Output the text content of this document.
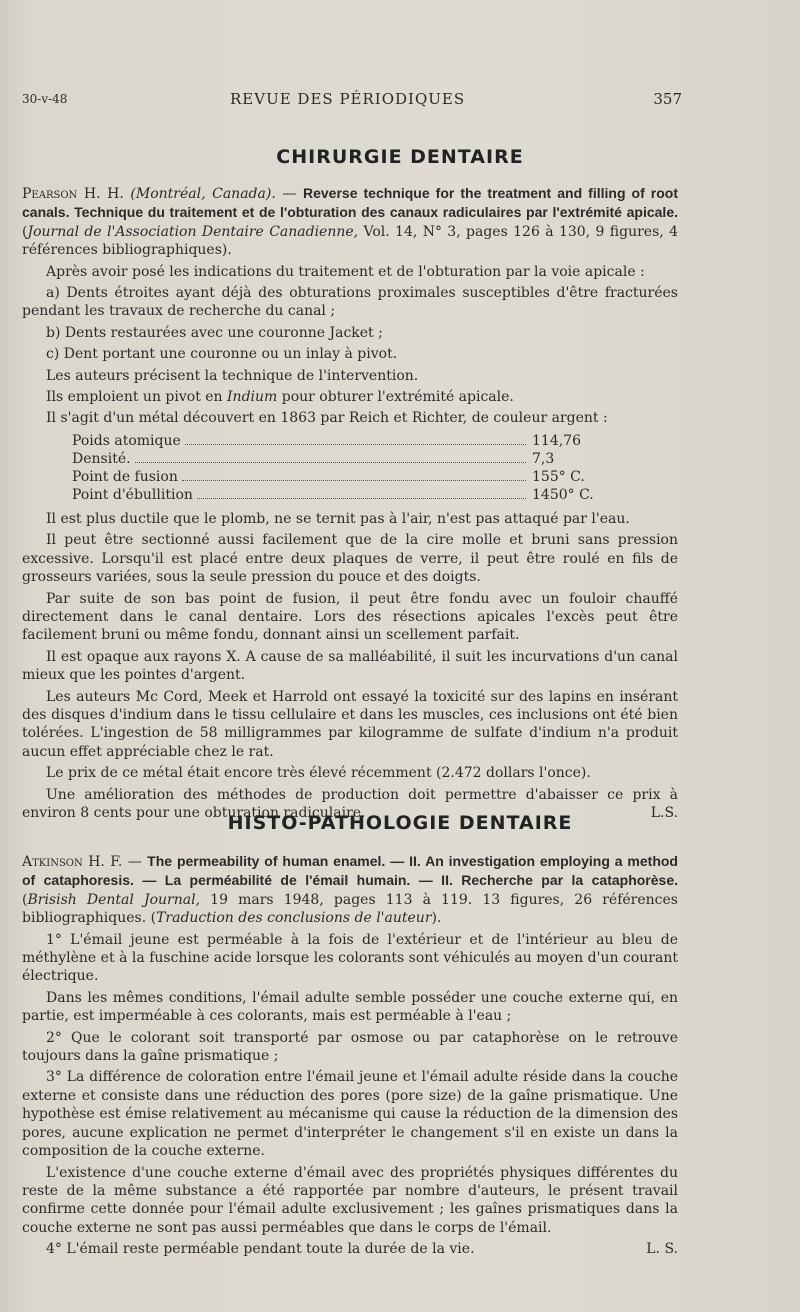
30-v-48	REVUE DES PÉRIODIQUES	357
CHIRURGIE DENTAIRE

Pearson H. H. (Montréal, Canada). — Reverse technique for the treatment and filling of root canals. Technique du traitement et de l'obturation des canaux radiculaires par l'extrémité apicale. (Journal de l'Association Dentaire Canadienne, Vol. 14, N° 3, pages 126 à 130, 9 figures, 4 références bibliographiques).

Après avoir posé les indications du traitement et de l'obturation par la voie apicale :

a) Dents étroites ayant déjà des obturations proximales susceptibles d'être fracturées pendant les travaux de recherche du canal ;

b) Dents restaurées avec une couronne Jacket ;

c) Dent portant une couronne ou un inlay à pivot.

Les auteurs précisent la technique de l'intervention.

Ils emploient un pivot en Indium pour obturer l'extrémité apicale.

Il s'agit d'un métal découvert en 1863 par Reich et Richter, de couleur argent :

Poids atomique	114,76
Densité.	7,3
Point de fusion	155° C.
Point d'ébullition	1450° C.

Il est plus ductile que le plomb, ne se ternit pas à l'air, n'est pas attaqué par l'eau.

Il peut être sectionné aussi facilement que de la cire molle et bruni sans pression excessive. Lorsqu'il est placé entre deux plaques de verre, il peut être roulé en fils de grosseurs variées, sous la seule pression du pouce et des doigts.

Par suite de son bas point de fusion, il peut être fondu avec un fouloir chauffé directement dans le canal dentaire. Lors des résections apicales l'excès peut être facilement bruni ou même fondu, donnant ainsi un scellement parfait.

Il est opaque aux rayons X. A cause de sa malléabilité, il suit les incurvations d'un canal mieux que les pointes d'argent.

Les auteurs Mc Cord, Meek et Harrold ont essayé la toxicité sur des lapins en insérant des disques d'indium dans le tissu cellulaire et dans les muscles, ces inclusions ont été bien tolérées. L'ingestion de 58 milligrammes par kilogramme de sulfate d'indium n'a produit aucun effet appréciable chez le rat.

Le prix de ce métal était encore très élevé récemment (2.472 dollars l'once).

Une amélioration des méthodes de production doit permettre d'abaisser ce prix à environ 8 cents pour une obturation radiculaire.	L.S.

HISTO-PATHOLOGIE DENTAIRE

Atkinson H. F. — The permeability of human enamel. — II. An investigation employing a method of cataphoresis. — La perméabilité de l'émail humain. — II. Recherche par la cataphorèse. (Brisish Dental Journal, 19 mars 1948, pages 113 à 119. 13 figures, 26 références bibliographiques. (Traduction des conclusions de l'auteur).

1° L'émail jeune est perméable à la fois de l'extérieur et de l'intérieur au bleu de méthylène et à la fuschine acide lorsque les colorants sont véhiculés au moyen d'un courant électrique.

Dans les mêmes conditions, l'émail adulte semble posséder une couche externe qui, en partie, est imperméable à ces colorants, mais est perméable à l'eau ;

2° Que le colorant soit transporté par osmose ou par cataphorèse on le retrouve toujours dans la gaîne prismatique ;

3° La différence de coloration entre l'émail jeune et l'émail adulte réside dans la couche externe et consiste dans une réduction des pores (pore size) de la gaîne prismatique. Une hypothèse est émise relativement au mécanisme qui cause la réduction de la dimension des pores, aucune explication ne permet d'interpréter le changement s'il en existe un dans la composition de la couche externe.

L'existence d'une couche externe d'émail avec des propriétés physiques différentes du reste de la même substance a été rapportée par nombre d'auteurs, le présent travail confirme cette donnée pour l'émail adulte exclusivement ; les gaînes prismatiques dans la couche externe ne sont pas aussi perméables que dans le corps de l'émail.

4° L'émail reste perméable pendant toute la durée de la vie.	L. S.
